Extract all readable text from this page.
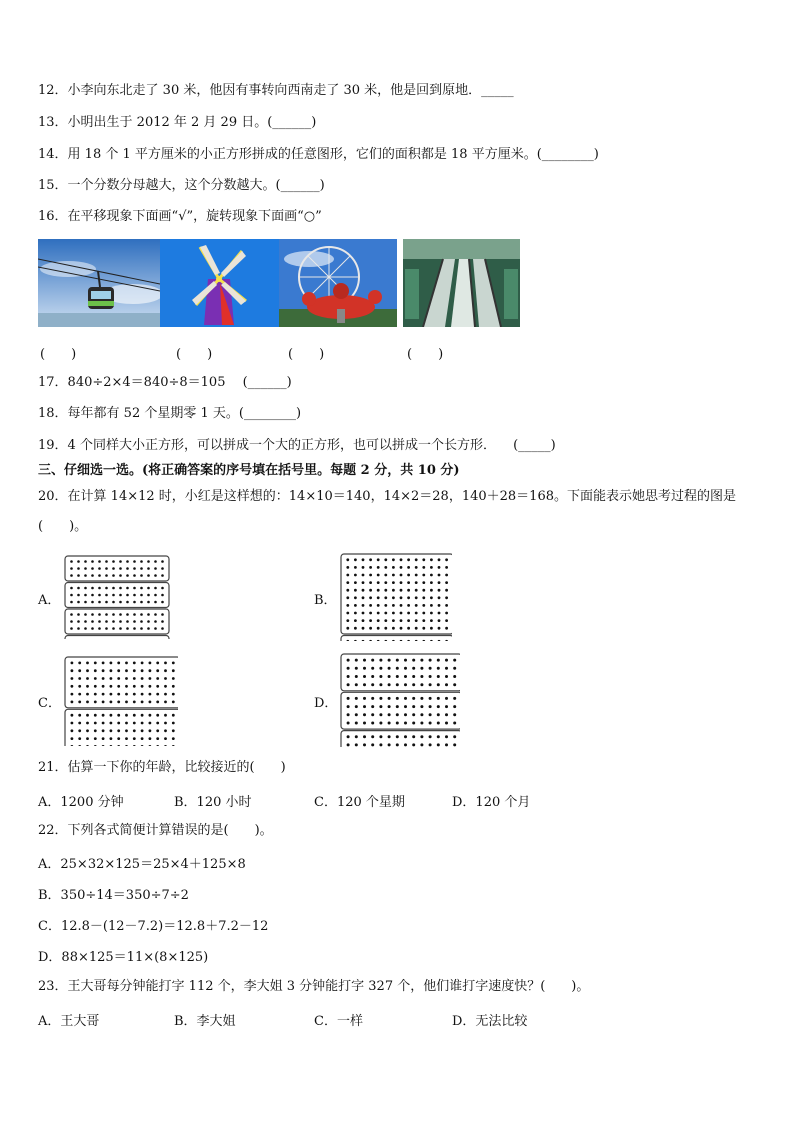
12．小李向东北走了 30 米，他因有事转向西南走了 30 米，他是回到原地．_____
13．小明出生于 2012 年 2 月 29 日。(______)
14．用 18 个 1 平方厘米的小正方形拼成的任意图形，它们的面积都是 18 平方厘米。(________)
15．一个分数分母越大，这个分数越大。(______)
16．在平移现象下面画“√”，旋转现象下面画“○”
(　　)	(　　)	(　　)	(　　)
17．840÷2×4＝840÷8＝105 　(______)
18．每年都有 52 个星期零 1 天。(________)
19．4 个同样大小正方形，可以拼成一个大的正方形，也可以拼成一个长方形． 　(_____)
三、仔细选一选。(将正确答案的序号填在括号里。每题 2 分，共 10 分)
20．在计算 14×12 时，小红是这样想的：14×10＝140，14×2＝28，140＋28＝168。下面能表示她思考过程的图是
(　　)。
A．	B．
C．	D．
21．估算一下你的年龄，比较接近的(　　)
A．1200 分钟	B．120 小时	C．120 个星期	D．120 个月
22．下列各式简便计算错误的是(　　)。
A．25×32×125＝25×4＋125×8
B．350÷14＝350÷7÷2
C．12.8－(12－7.2)＝12.8＋7.2－12
D．88×125＝11×(8×125)
23．王大哥每分钟能打字 112 个，李大姐 3 分钟能打字 327 个，他们谁打字速度快？(　　)。
A．王大哥	B．李大姐	C．一样	D．无法比较
